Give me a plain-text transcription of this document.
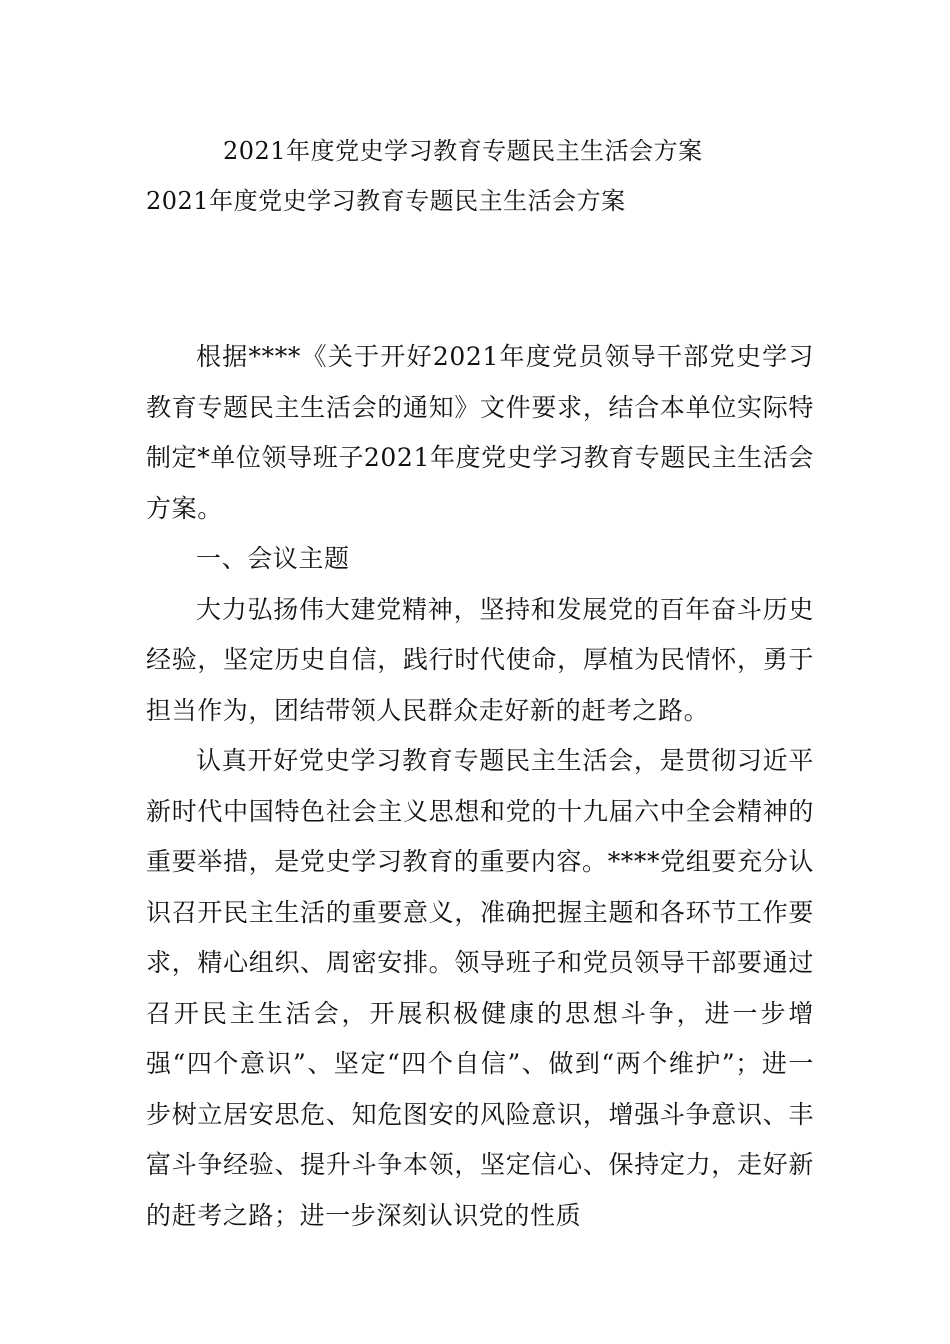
2021年度党史学习教育专题民主生活会方案
2021年度党史学习教育专题民主生活会方案

根据****《关于开好2021年度党员领导干部党史学习教育专题民主生活会的通知》文件要求，结合本单位实际特制定*单位领导班子2021年度党史学习教育专题民主生活会方案。

一、会议主题

大力弘扬伟大建党精神，坚持和发展党的百年奋斗历史经验，坚定历史自信，践行时代使命，厚植为民情怀，勇于担当作为，团结带领人民群众走好新的赶考之路。

认真开好党史学习教育专题民主生活会，是贯彻习近平新时代中国特色社会主义思想和党的十九届六中全会精神的重要举措，是党史学习教育的重要内容。****党组要充分认识召开民主生活的重要意义，准确把握主题和各环节工作要求，精心组织、周密安排。领导班子和党员领导干部要通过召开民主生活会，开展积极健康的思想斗争，进一步增强“四个意识”、坚定“四个自信”、做到“两个维护”；进一步树立居安思危、知危图安的风险意识，增强斗争意识、丰富斗争经验、提升斗争本领，坚定信心、保持定力，走好新的赶考之路；进一步深刻认识党的性质
